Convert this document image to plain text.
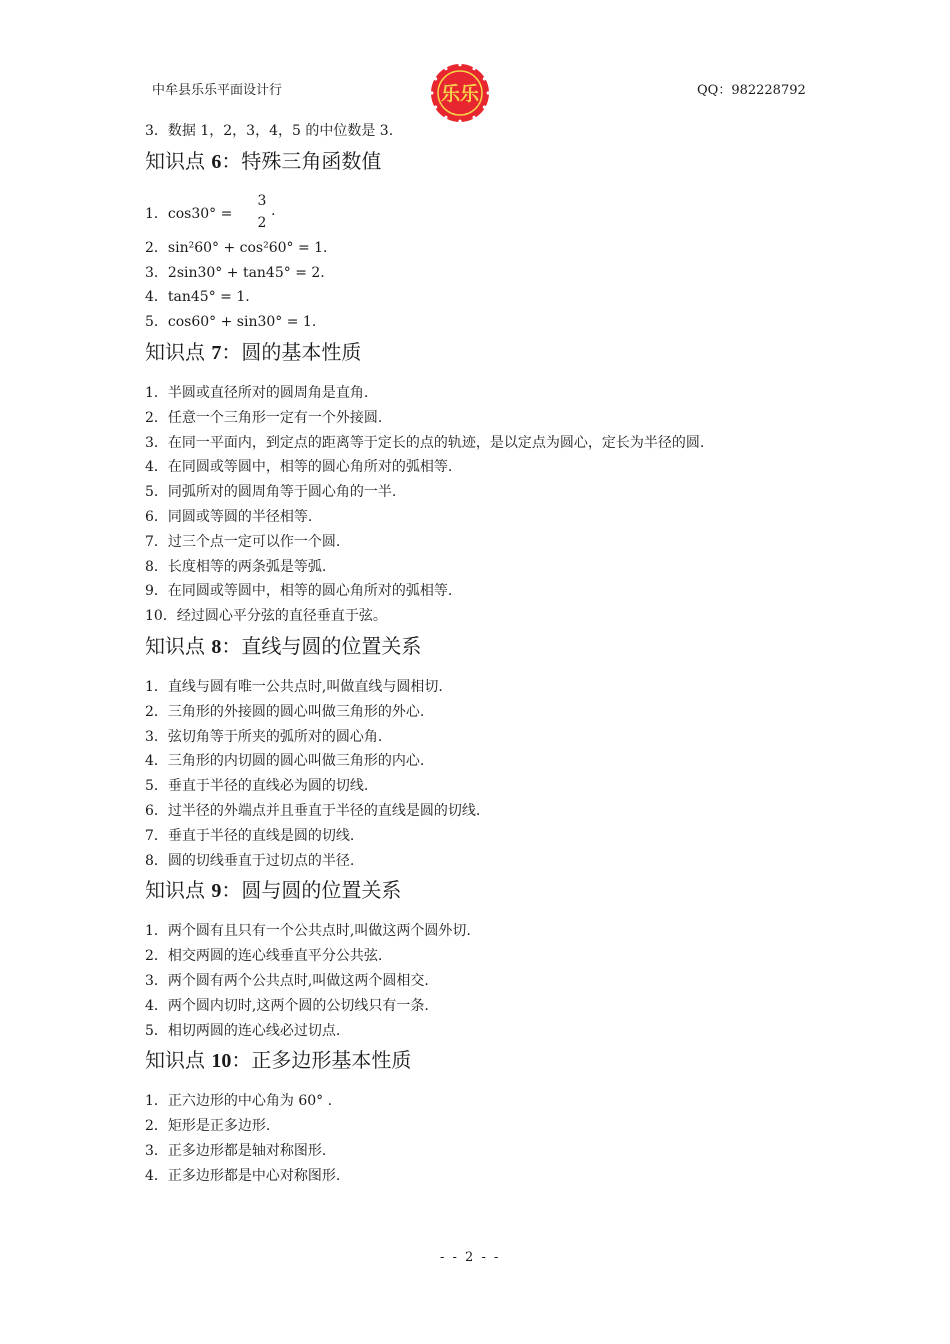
中牟县乐乐平面设计行	QQ：982228792
乐乐
3．数据 1，2，3，4，5 的中位数是 3.
知识点 6：特殊三角函数值
1．cos30° =
3
2
.
2．sin²60° + cos²60° = 1.
3．2sin30° + tan45° = 2.
4．tan45° = 1.
5．cos60° + sin30° = 1.
知识点 7：圆的基本性质
1．半圆或直径所对的圆周角是直角.
2．任意一个三角形一定有一个外接圆.
3．在同一平面内，到定点的距离等于定长的点的轨迹，是以定点为圆心，定长为半径的圆.
4．在同圆或等圆中，相等的圆心角所对的弧相等.
5．同弧所对的圆周角等于圆心角的一半.
6．同圆或等圆的半径相等.
7．过三个点一定可以作一个圆.
8．长度相等的两条弧是等弧.
9．在同圆或等圆中，相等的圆心角所对的弧相等.
10．经过圆心平分弦的直径垂直于弦。
知识点 8：直线与圆的位置关系
1．直线与圆有唯一公共点时,叫做直线与圆相切.
2．三角形的外接圆的圆心叫做三角形的外心.
3．弦切角等于所夹的弧所对的圆心角.
4．三角形的内切圆的圆心叫做三角形的内心.
5．垂直于半径的直线必为圆的切线.
6．过半径的外端点并且垂直于半径的直线是圆的切线.
7．垂直于半径的直线是圆的切线.
8．圆的切线垂直于过切点的半径.
知识点 9：圆与圆的位置关系
1．两个圆有且只有一个公共点时,叫做这两个圆外切.
2．相交两圆的连心线垂直平分公共弦.
3．两个圆有两个公共点时,叫做这两个圆相交.
4．两个圆内切时,这两个圆的公切线只有一条.
5．相切两圆的连心线必过切点.
知识点 10：正多边形基本性质
1．正六边形的中心角为 60° .
2．矩形是正多边形.
3．正多边形都是轴对称图形.
4．正多边形都是中心对称图形.
- - 2 - -
